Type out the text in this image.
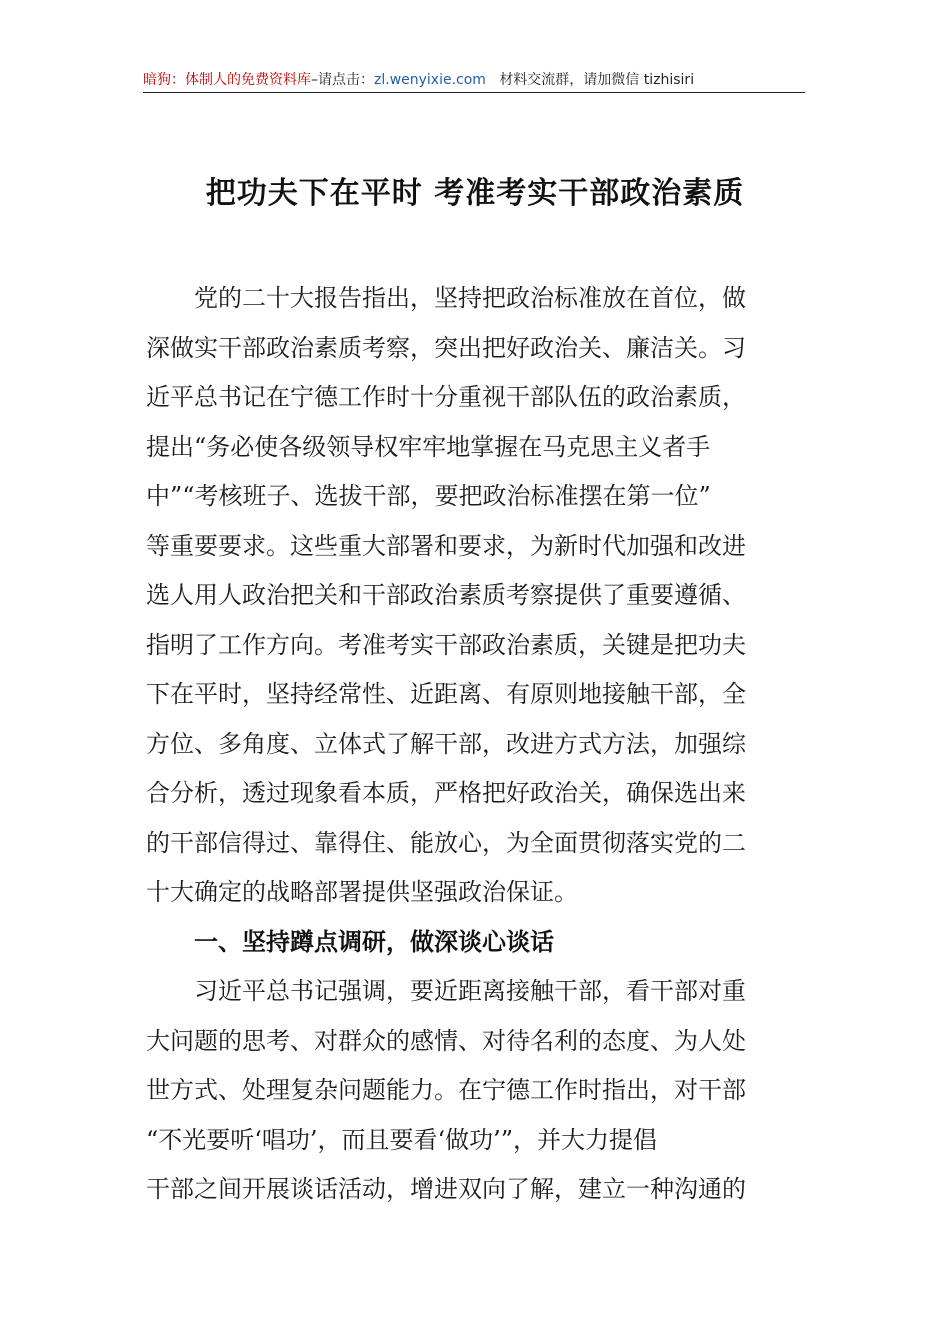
暗狗：体制人的免费资料库–请点击：zl.wenyixie.com 材料交流群，请加微信 tizhisiri
把功夫下在平时 考准考实干部政治素质
党的二十大报告指出，坚持把政治标准放在首位，做
深做实干部政治素质考察，突出把好政治关、廉洁关。习
近平总书记在宁德工作时十分重视干部队伍的政治素质，
提出“务必使各级领导权牢牢地掌握在马克思主义者手
中”“考核班子、选拔干部，要把政治标准摆在第一位”
等重要要求。这些重大部署和要求，为新时代加强和改进
选人用人政治把关和干部政治素质考察提供了重要遵循、
指明了工作方向。考准考实干部政治素质，关键是把功夫
下在平时，坚持经常性、近距离、有原则地接触干部，全
方位、多角度、立体式了解干部，改进方式方法，加强综
合分析，透过现象看本质，严格把好政治关，确保选出来
的干部信得过、靠得住、能放心，为全面贯彻落实党的二
十大确定的战略部署提供坚强政治保证。
一、坚持蹲点调研，做深谈心谈话
习近平总书记强调，要近距离接触干部，看干部对重
大问题的思考、对群众的感情、对待名利的态度、为人处
世方式、处理复杂问题能力。在宁德工作时指出，对干部
“不光要听‘唱功’，而且要看‘做功’”，并大力提倡
干部之间开展谈话活动，增进双向了解，建立一种沟通的
